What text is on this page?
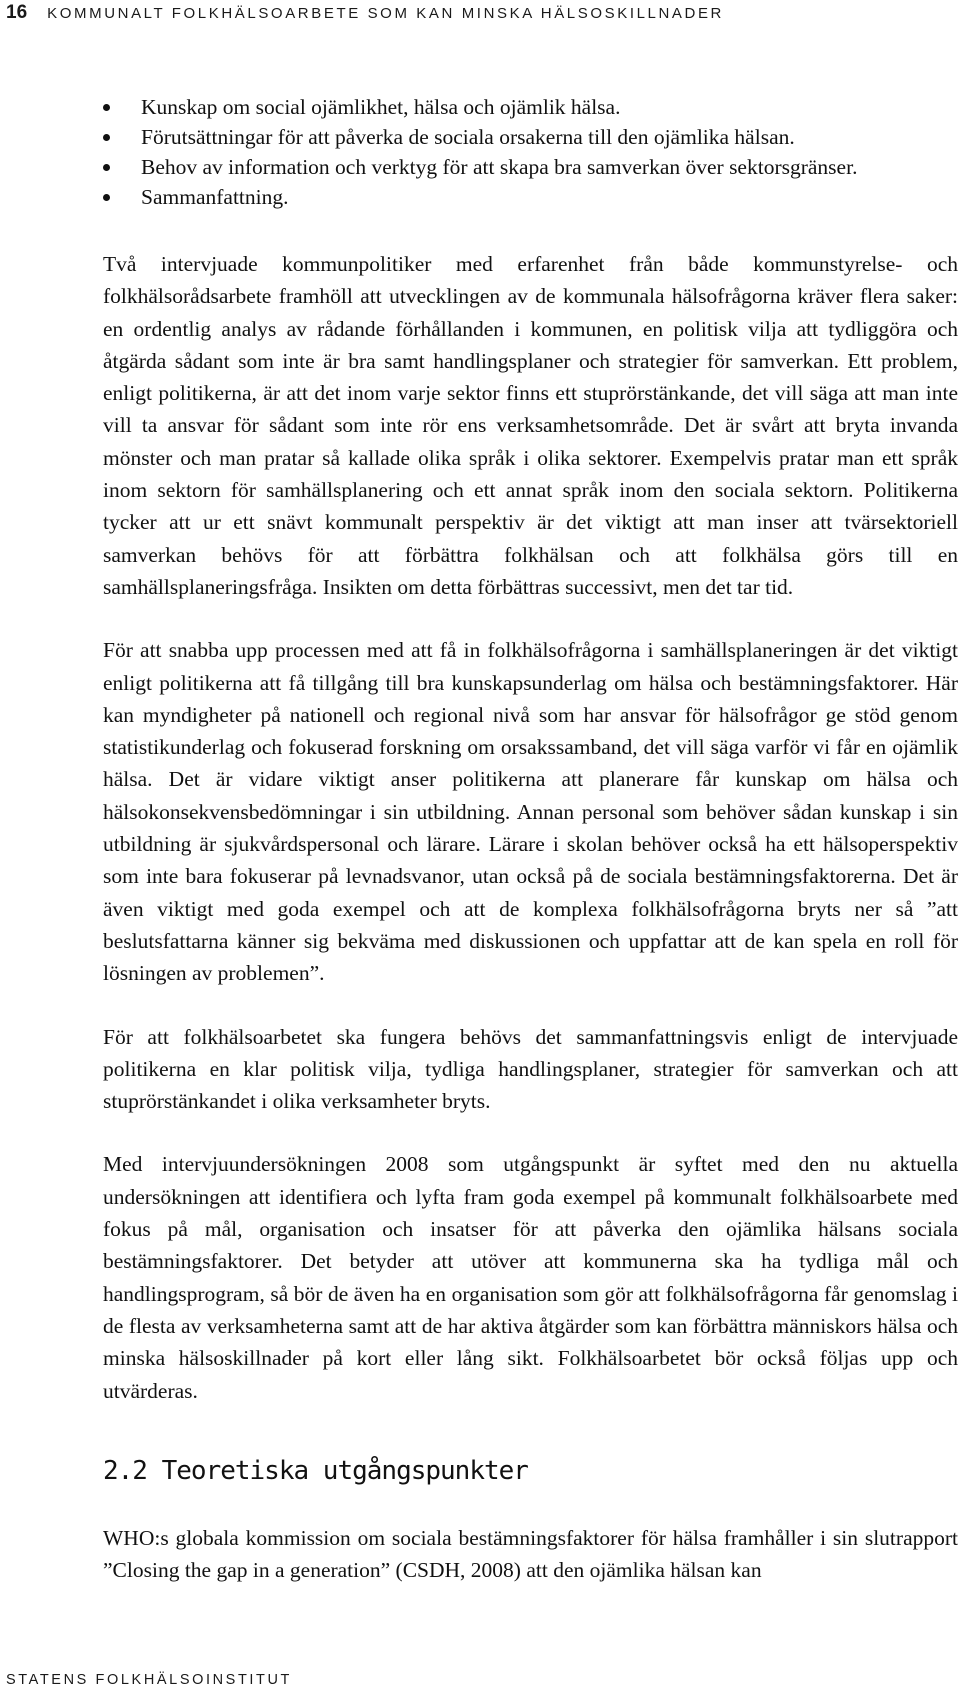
16 KOMMUNALT FOLKHÄLSOARBETE SOM KAN MINSKA HÄLSOSKILLNADER
Kunskap om social ojämlikhet, hälsa och ojämlik hälsa.
Förutsättningar för att påverka de sociala orsakerna till den ojämlika hälsan.
Behov av information och verktyg för att skapa bra samverkan över sektorsgränser.
Sammanfattning.

Två intervjuade kommunpolitiker med erfarenhet från både kommunstyrelse- och folkhälsorådsarbete framhöll att utvecklingen av de kommunala hälsofrågorna kräver flera saker: en ordentlig analys av rådande förhållanden i kommunen, en politisk vilja att tydliggöra och åtgärda sådant som inte är bra samt handlingsplaner och strategier för samverkan. Ett problem, enligt politikerna, är att det inom varje sektor finns ett stuprörstänkande, det vill säga att man inte vill ta ansvar för sådant som inte rör ens verksamhetsområde. Det är svårt att bryta invanda mönster och man pratar så kallade olika språk i olika sektorer. Exempelvis pratar man ett språk inom sektorn för samhällsplanering och ett annat språk inom den sociala sektorn. Politikerna tycker att ur ett snävt kommunalt perspektiv är det viktigt att man inser att tvärsektoriell samverkan behövs för att förbättra folkhälsan och att folkhälsa görs till en samhällsplaneringsfråga. Insikten om detta förbättras successivt, men det tar tid.

För att snabba upp processen med att få in folkhälsofrågorna i samhällsplaneringen är det viktigt enligt politikerna att få tillgång till bra kunskapsunderlag om hälsa och bestämningsfaktorer. Här kan myndigheter på nationell och regional nivå som har ansvar för hälsofrågor ge stöd genom statistikunderlag och fokuserad forskning om orsakssamband, det vill säga varför vi får en ojämlik hälsa. Det är vidare viktigt anser politikerna att planerare får kunskap om hälsa och hälsokonsekvensbedömningar i sin utbildning. Annan personal som behöver sådan kunskap i sin utbildning är sjukvårdspersonal och lärare. Lärare i skolan behöver också ha ett hälsoperspektiv som inte bara fokuserar på levnadsvanor, utan också på de sociala bestämningsfaktorerna. Det är även viktigt med goda exempel och att de komplexa folkhälsofrågorna bryts ner så ”att beslutsfattarna känner sig bekväma med diskussionen och uppfattar att de kan spela en roll för lösningen av problemen”.

För att folkhälsoarbetet ska fungera behövs det sammanfattningsvis enligt de intervjuade politikerna en klar politisk vilja, tydliga handlingsplaner, strategier för samverkan och att stuprörstänkandet i olika verksamheter bryts.

Med intervjuundersökningen 2008 som utgångspunkt är syftet med den nu aktuella undersökningen att identifiera och lyfta fram goda exempel på kommunalt folkhälsoarbete med fokus på mål, organisation och insatser för att påverka den ojämlika hälsans sociala bestämningsfaktorer. Det betyder att utöver att kommunerna ska ha tydliga mål och handlingsprogram, så bör de även ha en organisation som gör att folkhälsofrågorna får genomslag i de flesta av verksamheterna samt att de har aktiva åtgärder som kan förbättra människors hälsa och minska hälsoskillnader på kort eller lång sikt. Folkhälsoarbetet bör också följas upp och utvärderas.

2.2 Teoretiska utgångspunkter

WHO:s globala kommission om sociala bestämningsfaktorer för hälsa framhåller i sin slutrapport ”Closing the gap in a generation” (CSDH, 2008) att den ojämlika hälsan kan

STATENS FOLKHÄLSOINSTITUT
